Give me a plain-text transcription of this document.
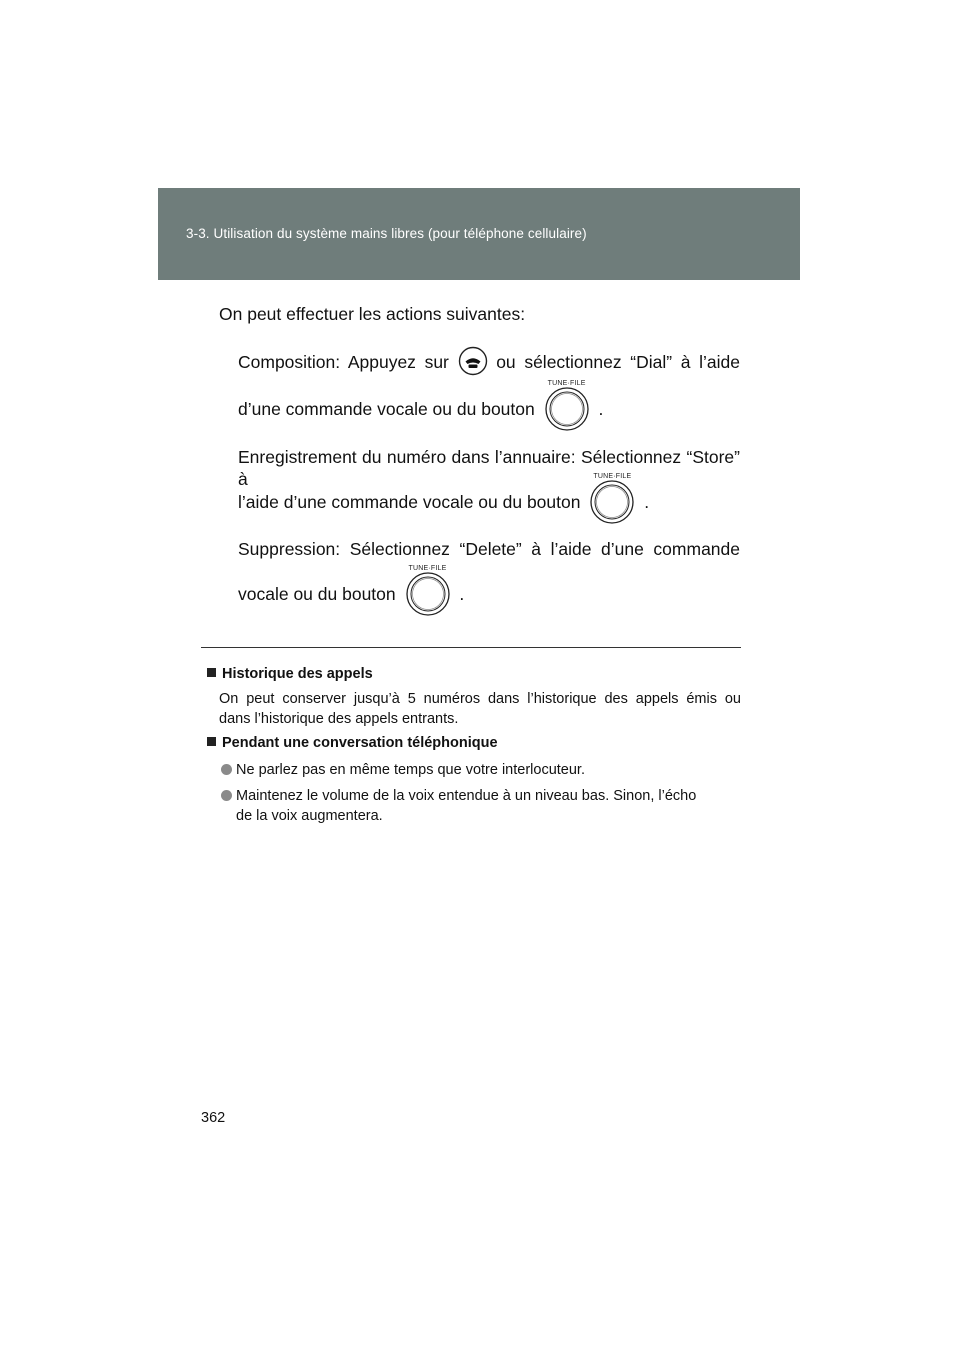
3-3. Utilisation du système mains libres (pour téléphone cellulaire)
On peut effectuer les actions suivantes:
Composition: Appuyez sur	ou sélectionnez “Dial” à l’aide
d’une commande vocale ou du bouton
TUNE·FILE
.
Enregistrement du numéro dans l’annuaire: Sélectionnez “Store” à
l’aide d’une commande vocale ou du bouton
TUNE·FILE
.
Suppression: Sélectionnez “Delete” à l’aide d’une commande
vocale ou du bouton
TUNE·FILE
.
Historique des appels
On peut conserver jusqu’à 5 numéros dans l’historique des appels émis ou
dans l’historique des appels entrants.
Pendant une conversation téléphonique
Ne parlez pas en même temps que votre interlocuteur.
Maintenez le volume de la voix entendue à un niveau bas. Sinon, l’écho
de la voix augmentera.
362
